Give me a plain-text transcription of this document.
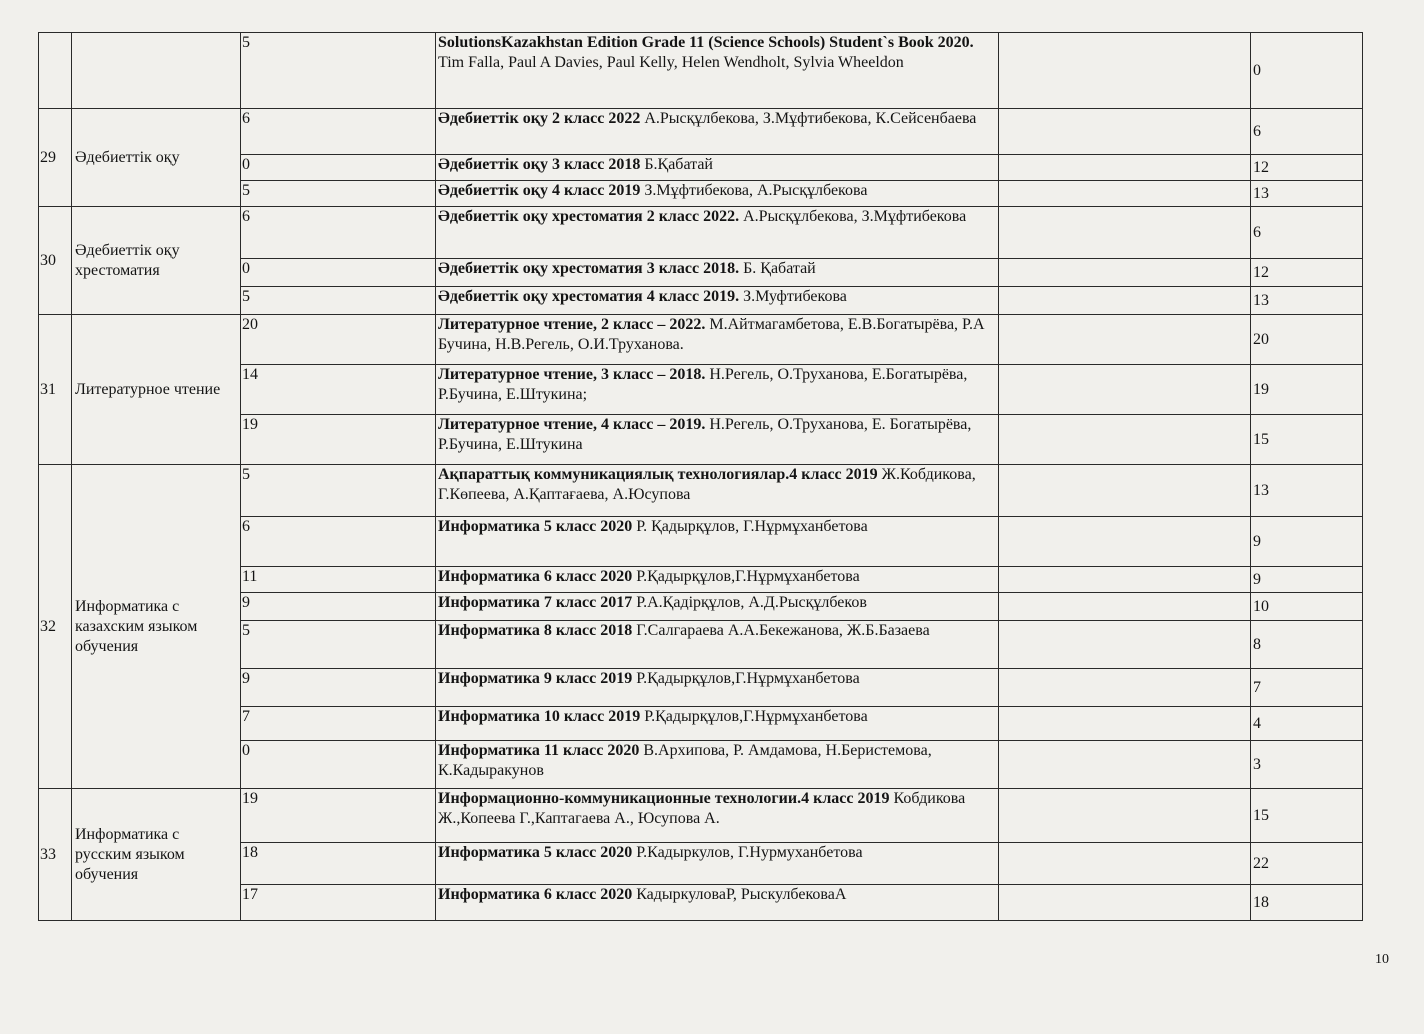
		5	SolutionsKazakhstan Edition Grade 11 (Science Schools) Student`s Book 2020. Tim Falla, Paul A Davies, Paul Kelly, Helen Wendholt, Sylvia Wheeldon		0
29	Әдебиеттік оқу	6	Әдебиеттік оқу 2 класс 2022 А.Рысқұлбекова, З.Мұфтибекова, К.Сейсенбаева		6
		0	Әдебиеттік оқу 3 класс 2018 Б.Қабатай		12
		5	Әдебиеттік оқу 4 класс 2019 З.Мұфтибекова, А.Рысқұлбекова		13
30	Әдебиеттік оқу хрестоматия	6	Әдебиеттік оқу хрестоматия 2 класс 2022. А.Рысқұлбекова, З.Мұфтибекова		6
		0	Әдебиеттік оқу хрестоматия 3 класс 2018. Б. Қабатай		12
		5	Әдебиеттік оқу хрестоматия 4 класс 2019. З.Муфтибекова		13
31	Литературное чтение	20	Литературное чтение, 2 класс – 2022. М.Айтмагамбетова, Е.В.Богатырёва, Р.А Бучина, Н.В.Регель, О.И.Труханова.		20
		14	Литературное чтение, 3 класс – 2018. Н.Регель, О.Труханова, Е.Богатырёва, Р.Бучина, Е.Штукина;		19
		19	Литературное чтение, 4 класс – 2019. Н.Регель, О.Труханова, Е. Богатырёва, Р.Бучина, Е.Штукина		15
32	Информатика с казахским языком обучения	5	Ақпараттық коммуникациялық технологиялар.4 класс 2019 Ж.Кобдикова, Г.Көпеева, А.Қаптағаева, А.Юсупова		13
		6	Информатика 5 класс 2020 Р. Қадырқұлов, Г.Нұрмұханбетова		9
		11	Информатика 6 класс 2020 Р.Қадырқұлов,Г.Нұрмұханбетова		9
		9	Информатика 7 класс 2017 Р.А.Қадірқұлов, А.Д.Рысқұлбеков		10
		5	Информатика 8 класс 2018 Г.Салгараева А.А.Бекежанова, Ж.Б.Базаева		8
		9	Информатика 9 класс 2019 Р.Қадырқұлов,Г.Нұрмұханбетова		7
		7	Информатика 10 класс 2019 Р.Қадырқұлов,Г.Нұрмұханбетова		4
		0	Информатика 11 класс 2020 В.Архипова, Р. Амдамова, Н.Беристемова, К.Кадыракунов		3
33	Информатика с русским языком обучения	19	Информационно-коммуникационные технологии.4 класс 2019 Кобдикова Ж.,Копеева Г.,Каптагаева А., Юсупова А.		15
		18	Информатика 5 класс 2020 Р.Кадыркулов, Г.Нурмуханбетова		22
		17	Информатика 6 класс 2020 КадыркуловаР, РыскулбековаА		18
10
